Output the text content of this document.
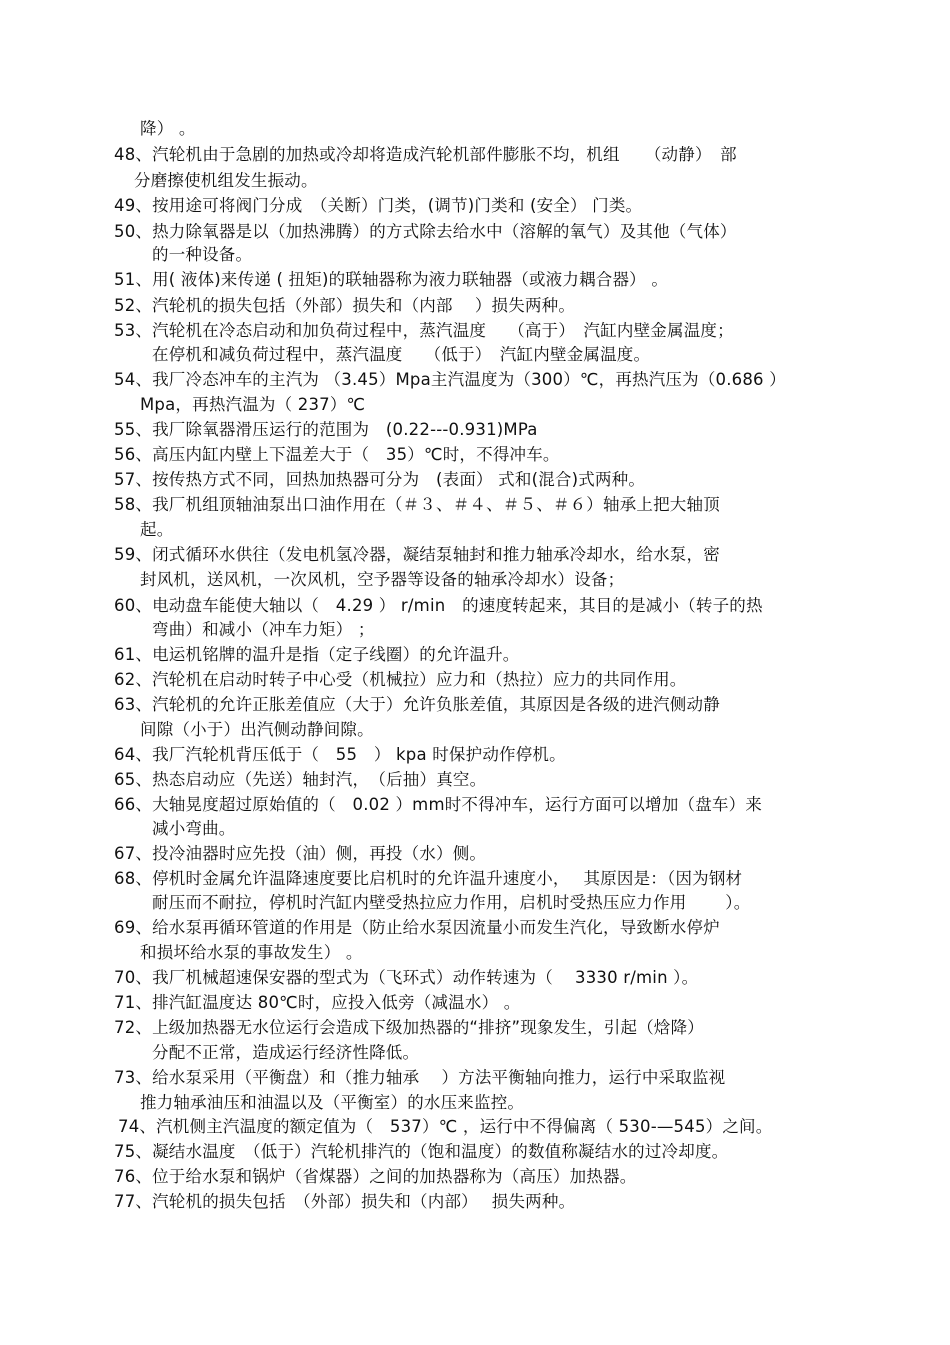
降） 。
48、汽轮机由于急剧的加热或冷却将造成汽轮机部件膨胀不均，机组　　（动静）　部
分磨擦使机组发生振动。
49、按用途可将阀门分成　（关断）门类，(调节)门类和 (安全） 门类。
50、热力除氧器是以（加热沸腾）的方式除去给水中（溶解的氧气）及其他（气体）
的一种设备。
51、用( 液体)来传递 ( 扭矩)的联轴器称为液力联轴器（或液力耦合器） 。
52、汽轮机的损失包括（外部）损失和（内部　 ）损失两种。
53、汽轮机在冷态启动和加负荷过程中，蒸汽温度　 （高于）　汽缸内壁金属温度；
在停机和减负荷过程中，蒸汽温度　 （低于）　汽缸内壁金属温度。
54、我厂冷态冲车的主汽为 （3.45）Mpa主汽温度为（300）℃，再热汽压为（0.686 ）
Mpa，再热汽温为（ 237）℃
55、我厂除氧器滑压运行的范围为　(0.22---0.931)MPa
56、高压内缸内壁上下温差大于（　35）℃时，不得冲车。
57、按传热方式不同，回热加热器可分为　(表面） 式和(混合)式两种。
58、我厂机组顶轴油泵出口油作用在（＃３、＃４、＃５、＃６）轴承上把大轴顶
起。
59、闭式循环水供往（发电机氢冷器，凝结泵轴封和推力轴承冷却水，给水泵，密
封风机，送风机，一次风机，空予器等设备的轴承冷却水）设备；
60、电动盘车能使大轴以（　4.29 ） r/min　的速度转起来，其目的是减小（转子的热
弯曲）和减小（冲车力矩） ；
61、电运机铭牌的温升是指（定子线圈）的允许温升。
62、汽轮机在启动时转子中心受（机械拉）应力和（热拉）应力的共同作用。
63、汽轮机的允许正胀差值应（大于）允许负胀差值，其原因是各级的进汽侧动静
间隙（小于）出汽侧动静间隙。
64、我厂汽轮机背压低于（　55　） kpa 时保护动作停机。
65、热态启动应（先送）轴封汽，　（后抽）真空。
66、大轴晃度超过原始值的（　0.02 ）mm时不得冲车，运行方面可以增加（盘车）来
减小弯曲。
67、投冷油器时应先投（油）侧，再投（水）侧。
68、停机时金属允许温降速度要比启机时的允许温升速度小，　 其原因是：（因为钢材
耐压而不耐拉，停机时汽缸内壁受热拉应力作用，启机时受热压应力作用　　 ）。
69、给水泵再循环管道的作用是（防止给水泵因流量小而发生汽化，导致断水停炉
和损坏给水泵的事故发生） 。
70、我厂机械超速保安器的型式为（飞环式）动作转速为（　 3330 r/min ）。
71、排汽缸温度达 80℃时，应投入低旁（减温水） 。
72、上级加热器无水位运行会造成下级加热器的“排挤”现象发生，引起（焓降）
分配不正常，造成运行经济性降低。
73、给水泵采用（平衡盘）和（推力轴承　 ）方法平衡轴向推力，运行中采取监视
推力轴承油压和油温以及（平衡室）的水压来监控。
74、汽机侧主汽温度的额定值为（　537）℃ ，运行中不得偏离（ 530-—545）之间。
75、凝结水温度　（低于）汽轮机排汽的（饱和温度）的数值称凝结水的过冷却度。
76、位于给水泵和锅炉（省煤器）之间的加热器称为（高压）加热器。
77、汽轮机的损失包括　（外部）损失和（内部）　 损失两种。
